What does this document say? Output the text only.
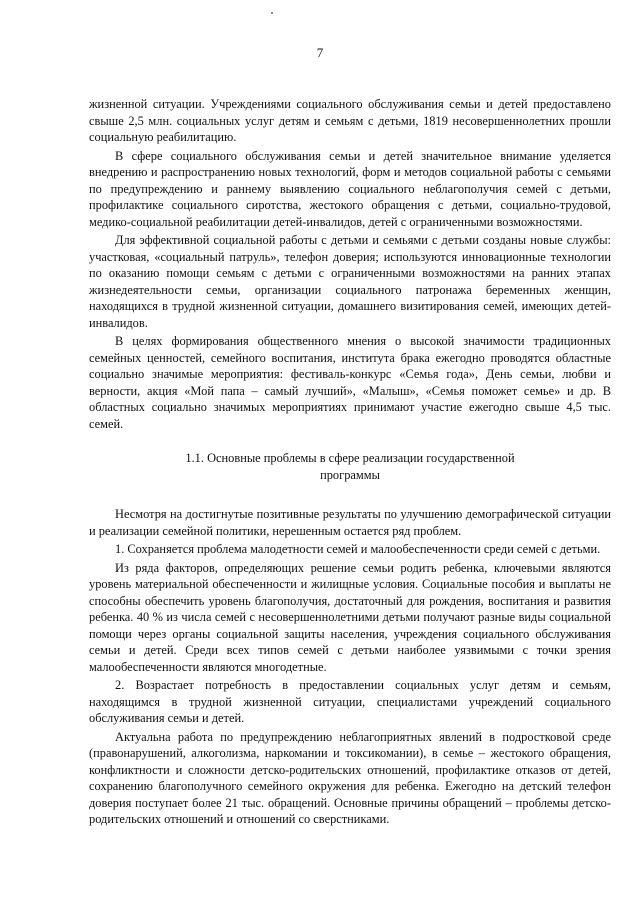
7

жизненной ситуации. Учреждениями социального обслуживания семьи и детей предоставлено свыше 2,5 млн. социальных услуг детям и семьям с детьми, 1819 несовершеннолетних прошли социальную реабилитацию.

В сфере социального обслуживания семьи и детей значительное внимание уделяется внедрению и распространению новых технологий, форм и методов социальной работы с семьями по предупреждению и раннему выявлению социального неблагополучия семей с детьми, профилактике социального сиротства, жестокого обращения с детьми, социально-трудовой, медико-социальной реабилитации детей-инвалидов, детей с ограниченными возможностями.

Для эффективной социальной работы с детьми и семьями с детьми созданы новые службы: участковая, «социальный патруль», телефон доверия; используются инновационные технологии по оказанию помощи семьям с детьми с ограниченными возможностями на ранних этапах жизнедеятельности семьи, организации социального патронажа беременных женщин, находящихся в трудной жизненной ситуации, домашнего визитирования семей, имеющих детей-инвалидов.

В целях формирования общественного мнения о высокой значимости традиционных семейных ценностей, семейного воспитания, института брака ежегодно проводятся областные социально значимые мероприятия: фестиваль-конкурс «Семья года», День семьи, любви и верности, акция «Мой папа – самый лучший», «Малыш», «Семья поможет семье» и др. В областных социально значимых мероприятиях принимают участие ежегодно свыше 4,5 тыс. семей.

1.1. Основные проблемы в сфере реализации государственной
программы

Несмотря на достигнутые позитивные результаты по улучшению демографической ситуации и реализации семейной политики, нерешенным остается ряд проблем.

1. Сохраняется проблема малодетности семей и малообеспеченности среди семей с детьми.

Из ряда факторов, определяющих решение семьи родить ребенка, ключевыми являются уровень материальной обеспеченности и жилищные условия. Социальные пособия и выплаты не способны обеспечить уровень благополучия, достаточный для рождения, воспитания и развития ребенка. 40 % из числа семей с несовершеннолетними детьми получают разные виды социальной помощи через органы социальной защиты населения, учреждения социального обслуживания семьи и детей. Среди всех типов семей с детьми наиболее уязвимыми с точки зрения малообеспеченности являются многодетные.

2. Возрастает потребность в предоставлении социальных услуг детям и семьям, находящимся в трудной жизненной ситуации, специалистами учреждений социального обслуживания семьи и детей.

Актуальна работа по предупреждению неблагоприятных явлений в подростковой среде (правонарушений, алкоголизма, наркомании и токсикомании), в семье – жестокого обращения, конфликтности и сложности детско-родительских отношений, профилактике отказов от детей, сохранению благополучного семейного окружения для ребенка. Ежегодно на детский телефон доверия поступает более 21 тыс. обращений. Основные причины обращений – проблемы детско-родительских отношений и отношений со сверстниками.
